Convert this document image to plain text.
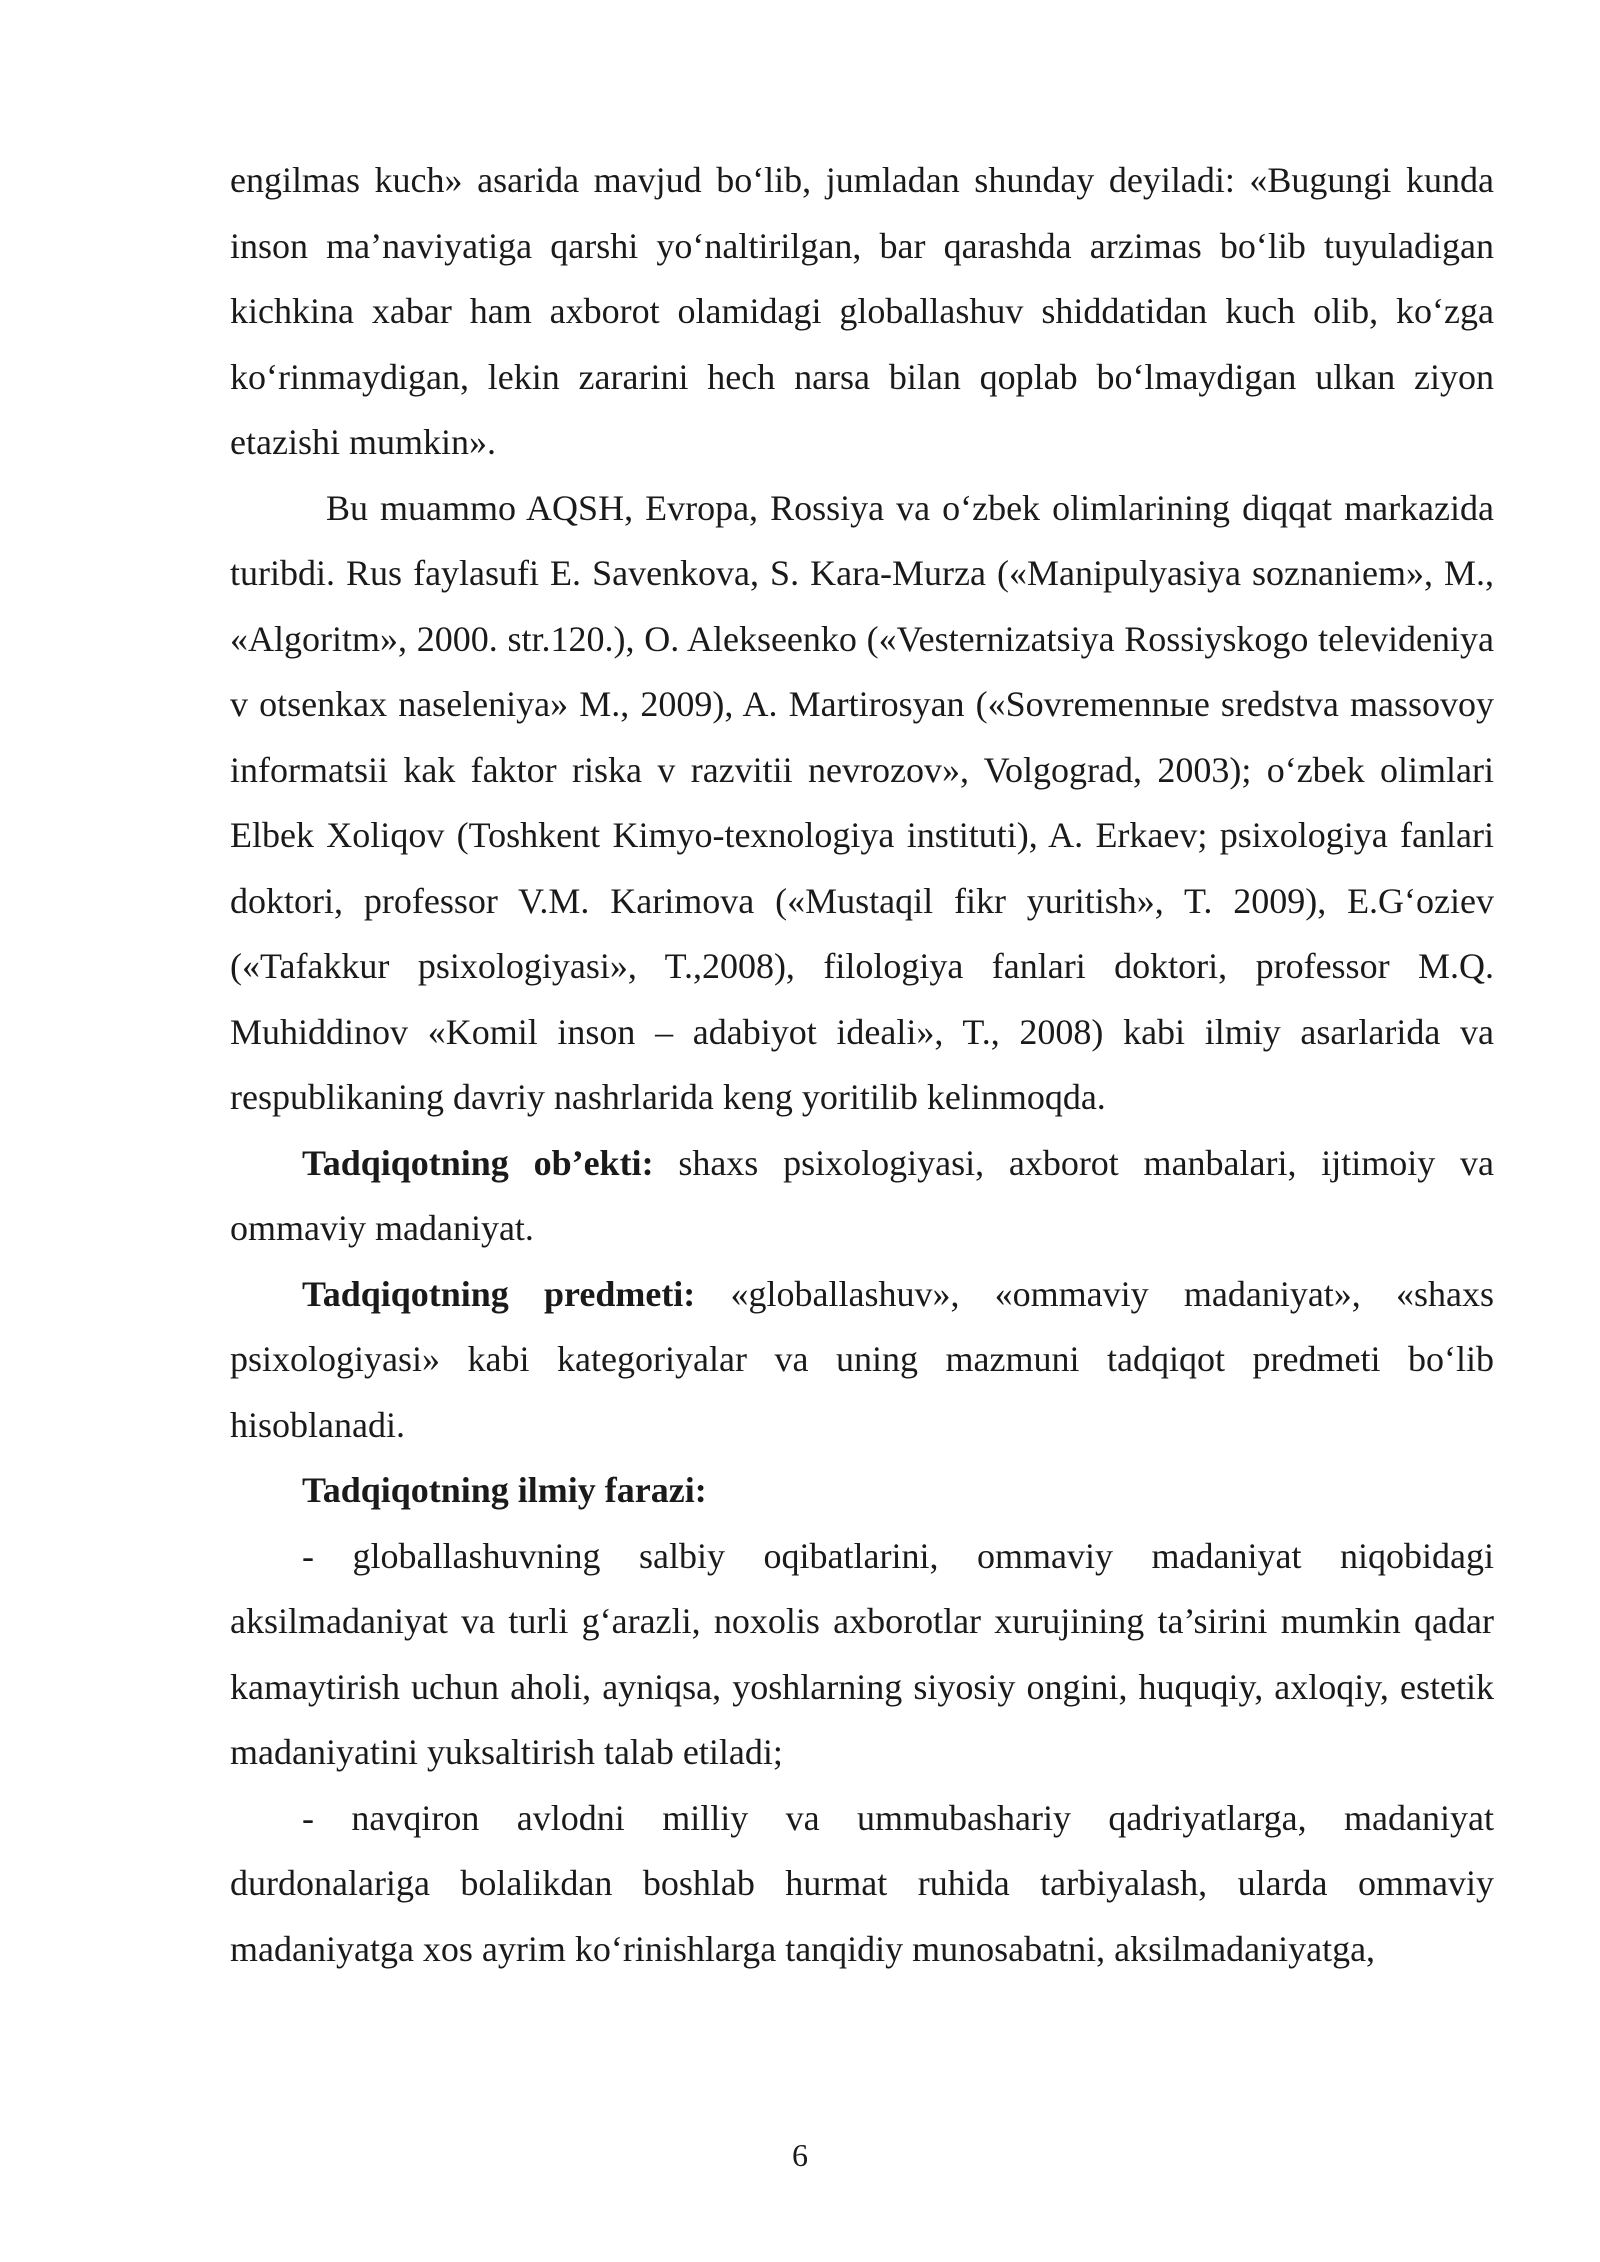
engilmas kuch» asarida mavjud bo‘lib, jumladan shunday deyiladi: «Bugungi kunda inson ma’naviyatiga qarshi yo‘naltirilgan, bar qarashda arzimas bo‘lib tuyuladigan kichkina xabar ham axborot olamidagi globallashuv shiddatidan kuch olib, ko‘zga ko‘rinmaydigan, lekin zararini hech narsa bilan qoplab bo‘lmaydigan ulkan ziyon etazishi mumkin».

Bu muammo AQSH, Evropa, Rossiya va o‘zbek olimlarining diqqat markazida turibdi. Rus faylasufi E. Savenkova, S. Kara-Murza («Manipulyasiya soznaniem», M., «Algoritm», 2000. str.120.), O. Alekseenko («Vesternizatsiya Rossiyskogo televideniya v otsenkax naseleniya» M., 2009), A. Martirosyan («Sovremennыe sredstva massovoy informatsii kak faktor riska v razvitii nevrozov», Volgograd, 2003); o‘zbek olimlari Elbek Xoliqov (Toshkent Kimyo-texnologiya instituti), A. Erkaev; psixologiya fanlari doktori, professor V.M. Karimova («Mustaqil fikr yuritish», T. 2009), E.G‘oziev («Tafakkur psixologiyasi», T.,2008), filologiya fanlari doktori, professor M.Q. Muhiddinov «Komil inson – adabiyot ideali», T., 2008) kabi ilmiy asarlarida va respublikaning davriy nashrlarida keng yoritilib kelinmoqda.

Tadqiqotning ob’ekti: shaxs psixologiyasi, axborot manbalari, ijtimoiy va ommaviy madaniyat.

Tadqiqotning predmeti: «globallashuv», «ommaviy madaniyat», «shaxs psixologiyasi» kabi kategoriyalar va uning mazmuni tadqiqot predmeti bo‘lib hisoblanadi.

Tadqiqotning ilmiy farazi:

- globallashuvning salbiy oqibatlarini, ommaviy madaniyat niqobidagi aksilmadaniyat va turli g‘arazli, noxolis axborotlar xurujining ta’sirini mumkin qadar kamaytirish uchun aholi, ayniqsa, yoshlarning siyosiy ongini, huquqiy, axloqiy, estetik madaniyatini yuksaltirish talab etiladi;

- navqiron avlodni milliy va ummubashariy qadriyatlarga, madaniyat durdonalariga bolalikdan boshlab hurmat ruhida tarbiyalash, ularda ommaviy madaniyatga xos ayrim ko‘rinishlarga tanqidiy munosabatni, aksilmadaniyatga,

6
